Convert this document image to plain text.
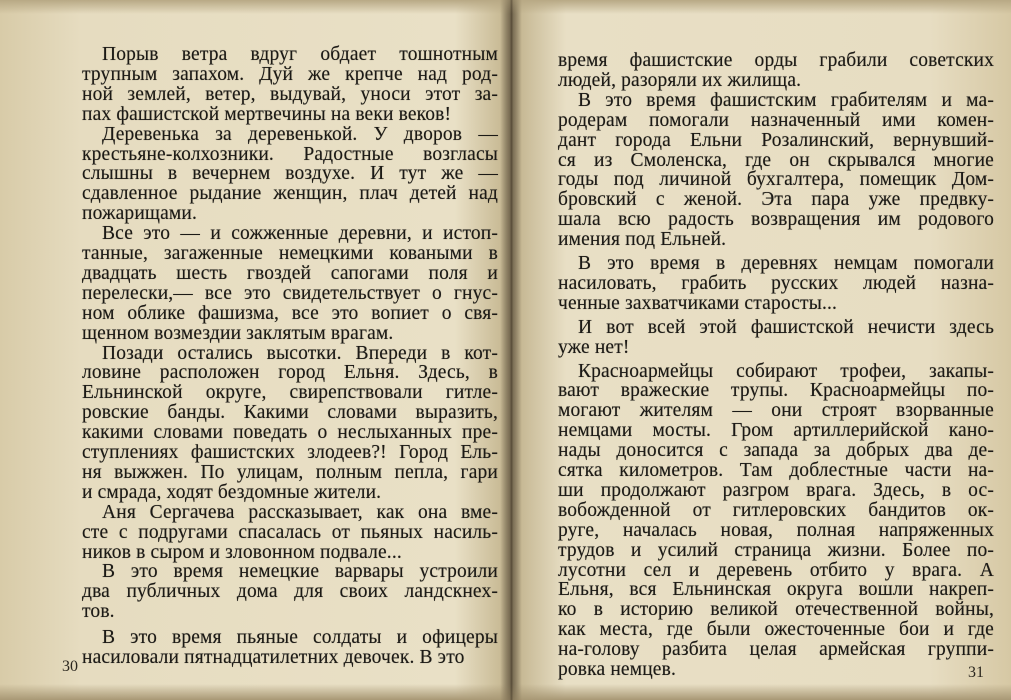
Порыв ветра вдруг обдает тошнотным
трупным запахом. Дуй же крепче над род-
ной землей, ветер, выдувай, уноси этот за-
пах фашистской мертвечины на веки веков!
Деревенька за деревенькой. У дворов —
крестьяне-колхозники. Радостные возгласы
слышны в вечернем воздухе. И тут же —
сдавленное рыдание женщин, плач детей над
пожарищами.
Все это — и сожженные деревни, и истоп-
танные, загаженные немецкими коваными в
двадцать шесть гвоздей сапогами поля и
перелески,— все это свидетельствует о гнус-
ном облике фашизма, все это вопиет о свя-
щенном возмездии заклятым врагам.
Позади остались высотки. Впереди в кот-
ловине расположен город Ельня. Здесь, в
Ельнинской округе, свирепствовали гитле-
ровские банды. Какими словами выразить,
какими словами поведать о неслыханных пре-
ступлениях фашистских злодеев?! Город Ель-
ня выжжен. По улицам, полным пепла, гари
и смрада, ходят бездомные жители.
Аня Сергачева рассказывает, как она вме-
сте с подругами спасалась от пьяных насиль-
ников в сыром и зловонном подвале...
В это время немецкие варвары устроили
два публичных дома для своих ландскнех-
тов.
В это время пьяные солдаты и офицеры
насиловали пятнадцатилетних девочек. В это
время фашистские орды грабили советских
людей, разоряли их жилища.
В это время фашистским грабителям и ма-
родерам помогали назначенный ими комен-
дант города Ельни Розалинский, вернувший-
ся из Смоленска, где он скрывался многие
годы под личиной бухгалтера, помещик Дом-
бровский с женой. Эта пара уже предвку-
шала всю радость возвращения им родового
имения под Ельней.
В это время в деревнях немцам помогали
насиловать, грабить русских людей назна-
ченные захватчиками старосты...
И вот всей этой фашистской нечисти здесь
уже нет!
Красноармейцы собирают трофеи, закапы-
вают вражеские трупы. Красноармейцы по-
могают жителям — они строят взорванные
немцами мосты. Гром артиллерийской кано-
нады доносится с запада за добрых два де-
сятка километров. Там доблестные части на-
ши продолжают разгром врага. Здесь, в ос-
вобожденной от гитлеровских бандитов ок-
руге, началась новая, полная напряженных
трудов и усилий страница жизни. Более по-
лусотни сел и деревень отбито у врага. А
Ельня, вся Ельнинская округа вошли накреп-
ко в историю великой отечественной войны,
как места, где были ожесточенные бои и где
на-голову разбита целая армейская группи-
ровка немцев.
30	31
